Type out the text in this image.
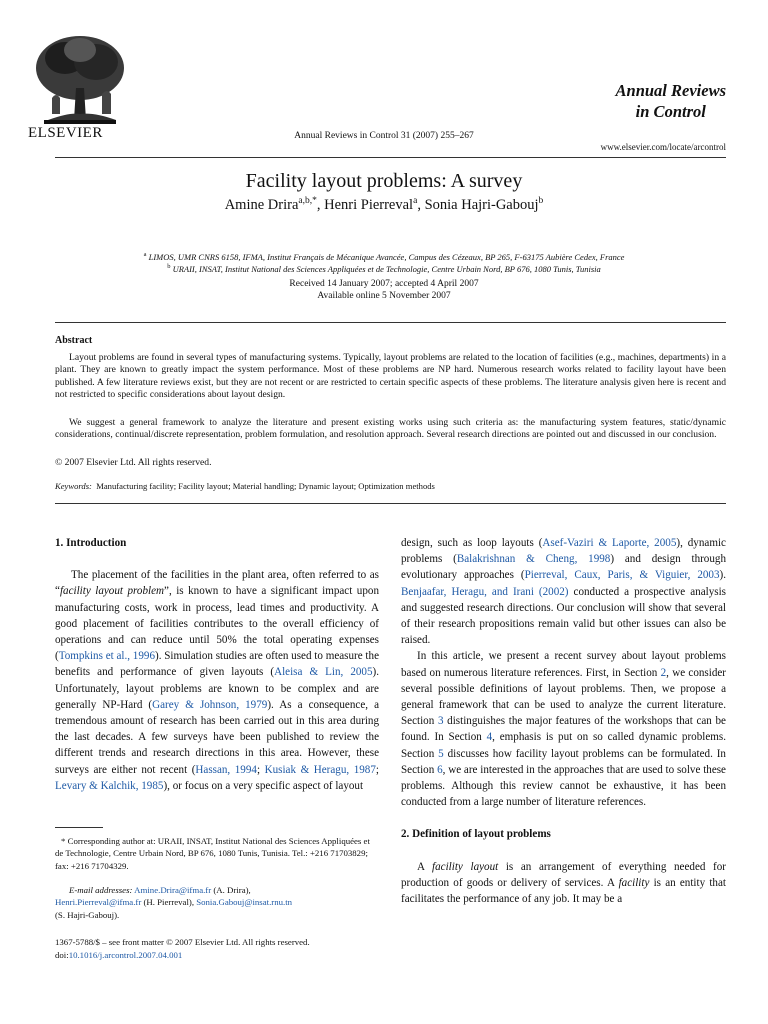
ELSEVIER	Annual Reviews in Control 31 (2007) 255–267
Annual Reviews
in Control
www.elsevier.com/locate/arcontrol
Facility layout problems: A survey
Amine Drira$^{a,b,*}$, Henri Pierreval$^a$, Sonia Hajri-Gabouj$^b$
$^a$ LIMOS, UMR CNRS 6158, IFMA, Institut Français de Mécanique Avancée, Campus des Cézeaux, BP 265, F-63175 Aubière Cedex, France
$^b$ URAII, INSAT, Institut National des Sciences Appliquées et de Technologie, Centre Urbain Nord, BP 676, 1080 Tunis, Tunisia
Received 14 January 2007; accepted 4 April 2007
Available online 5 November 2007
Abstract
Layout problems are found in several types of manufacturing systems. Typically, layout problems are related to the location of facilities (e.g., machines, departments) in a plant. They are known to greatly impact the system performance. Most of these problems are NP hard. Numerous research works related to facility layout have been published. A few literature reviews exist, but they are not recent or are restricted to certain specific aspects of these problems. The literature analysis given here is recent and not restricted to specific considerations about layout design.
We suggest a general framework to analyze the literature and present existing works using such criteria as: the manufacturing system features, static/dynamic considerations, continual/discrete representation, problem formulation, and resolution approach. Several research directions are pointed out and discussed in our conclusion.
© 2007 Elsevier Ltd. All rights reserved.
Keywords: Manufacturing facility; Facility layout; Material handling; Dynamic layout; Optimization methods
1. Introduction
The placement of the facilities in the plant area, often referred to as “facility layout problem”, is known to have a significant impact upon manufacturing costs, work in process, lead times and productivity. A good placement of facilities contributes to the overall efficiency of operations and can reduce until 50% the total operating expenses (Tompkins et al., 1996). Simulation studies are often used to measure the benefits and performance of given layouts (Aleisa & Lin, 2005). Unfortunately, layout problems are known to be complex and are generally NP-Hard (Garey & Johnson, 1979). As a consequence, a tremendous amount of research has been carried out in this area during the last decades. A few surveys have been published to review the different trends and research directions in this area. However, these surveys are either not recent (Hassan, 1994; Kusiak & Heragu, 1987; Levary & Kalchik, 1985), or focus on a very specific aspect of layout
* Corresponding author at: URAII, INSAT, Institut National des Sciences Appliquées et de Technologie, Centre Urbain Nord, BP 676, 1080 Tunis, Tunisia. Tel.: +216 71703829; fax: +216 71704329.
E-mail addresses: Amine.Drira@ifma.fr (A. Drira),
Henri.Pierreval@ifma.fr (H. Pierreval), Sonia.Gabouj@insat.rnu.tn
(S. Hajri-Gabouj).
1367-5788/$ – see front matter © 2007 Elsevier Ltd. All rights reserved.
doi:10.1016/j.arcontrol.2007.04.001
design, such as loop layouts (Asef-Vaziri & Laporte, 2005), dynamic problems (Balakrishnan & Cheng, 1998) and design through evolutionary approaches (Pierreval, Caux, Paris, & Viguier, 2003). Benjaafar, Heragu, and Irani (2002) conducted a prospective analysis and suggested research directions. Our conclusion will show that several of their research propositions remain valid but other issues can also be raised.
In this article, we present a recent survey about layout problems based on numerous literature references. First, in Section 2, we consider several possible definitions of layout problems. Then, we propose a general framework that can be used to analyze the current literature. Section 3 distinguishes the major features of the workshops that can be found. In Section 4, emphasis is put on so called dynamic problems. Section 5 discusses how facility layout problems can be formulated. In Section 6, we are interested in the approaches that are used to solve these problems. Although this review cannot be exhaustive, it has been conducted from a large number of literature references.
2. Definition of layout problems
A facility layout is an arrangement of everything needed for production of goods or delivery of services. A facility is an entity that facilitates the performance of any job. It may be a
